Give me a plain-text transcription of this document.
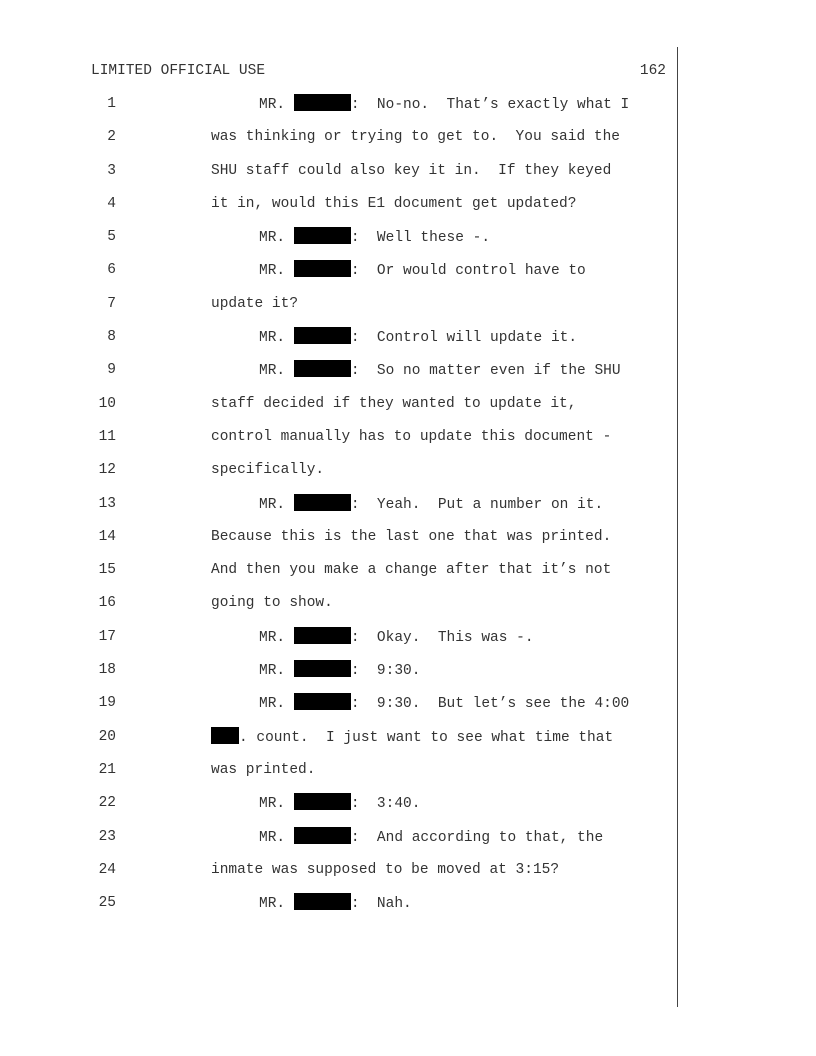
LIMITED OFFICIAL USE	162
1	MR.	:  No-no.  That’s exactly what I
2	was thinking or trying to get to.  You said the
3	SHU staff could also key it in.  If they keyed
4	it in, would this E1 document get updated?
5	MR.	:  Well these -.
6	MR.	:  Or would control have to
7	update it?
8	MR.	:  Control will update it.
9	MR.	:  So no matter even if the SHU
10	staff decided if they wanted to update it,
11	control manually has to update this document -
12	specifically.
13	MR.	:  Yeah.  Put a number on it.
14	Because this is the last one that was printed.
15	And then you make a change after that it’s not
16	going to show.
17	MR.	:  Okay.  This was -.
18	MR.	:  9:30.
19	MR.	:  9:30.  But let’s see the 4:00
20	. count.  I just want to see what time that
21	was printed.
22	MR.	:  3:40.
23	MR.	:  And according to that, the
24	inmate was supposed to be moved at 3:15?
25	MR.	:  Nah.
